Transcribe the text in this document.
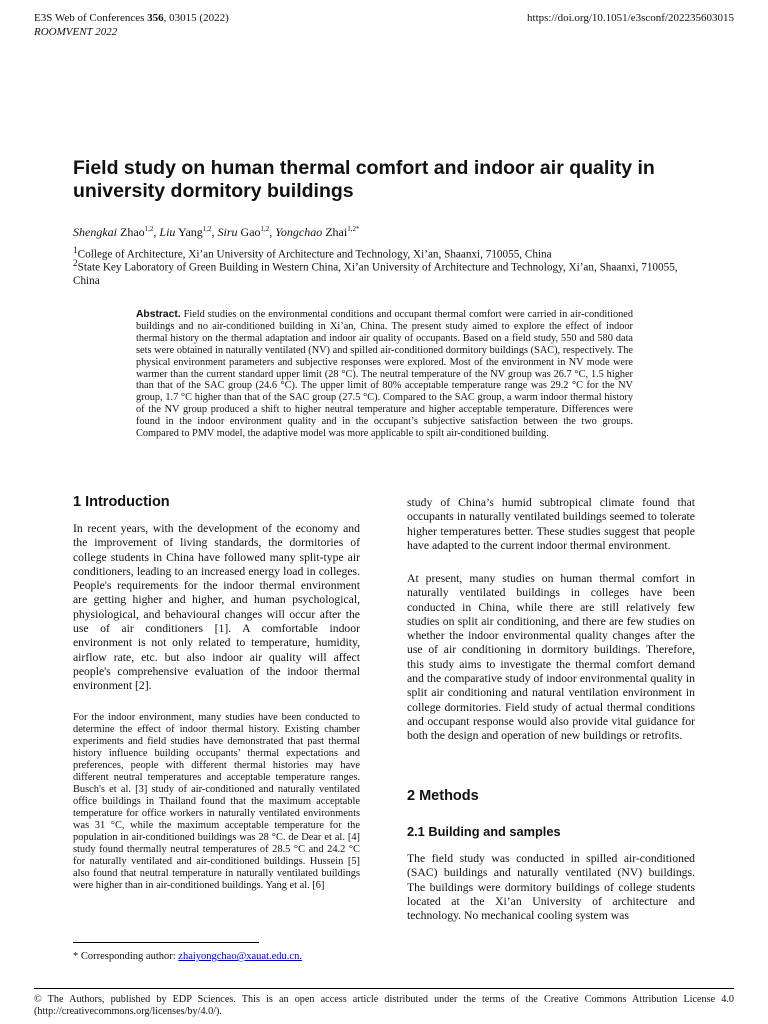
E3S Web of Conferences 356, 03015 (2022)
ROOMVENT 2022
https://doi.org/10.1051/e3sconf/202235603015
Field study on human thermal comfort and indoor air quality in university dormitory buildings
Shengkai Zhao$^{1,2}$, Liu Yang$^{1,2}$, Siru Gao$^{1,2}$, Yongchao Zhai$^{1,2*}$
$^1$College of Architecture, Xi’an University of Architecture and Technology, Xi’an, Shaanxi, 710055, China
$^2$State Key Laboratory of Green Building in Western China, Xi’an University of Architecture and Technology, Xi’an, Shaanxi, 710055, China
Abstract. Field studies on the environmental conditions and occupant thermal comfort were carried in air-conditioned buildings and no air-conditioned building in Xi’an, China. The present study aimed to explore the effect of indoor thermal history on the thermal adaptation and indoor air quality of occupants. Based on a field study, 550 and 580 data sets were obtained in naturally ventilated (NV) and spilled air-conditioned dormitory buildings (SAC), respectively. The physical environment parameters and subjective responses were explored. Most of the environment in NV mode were warmer than the current standard upper limit (28 °C). The neutral temperature of the NV group was 26.7 °C, 1.5 higher than that of the SAC group (24.6 °C). The upper limit of 80% acceptable temperature range was 29.2 °C for the NV group, 1.7 °C higher than that of the SAC group (27.5 °C). Compared to the SAC group, a warm indoor thermal history of the NV group produced a shift to higher neutral temperature and higher acceptable temperature. Differences were found in the indoor environment quality and in the occupant’s subjective satisfaction between the two groups. Compared to PMV model, the adaptive model was more applicable to spilt air-conditioned building.
1 Introduction
In recent years, with the development of the economy and the improvement of living standards, the dormitories of college students in China have followed many split-type air conditioners, leading to an increased energy load in colleges. People's requirements for the indoor thermal environment are getting higher and higher, and human psychological, physiological, and behavioural changes will occur after the use of air conditioners [1]. A comfortable indoor environment is not only related to temperature, humidity, airflow rate, etc. but also indoor air quality will affect people's comprehensive evaluation of the indoor thermal environment [2].
For the indoor environment, many studies have been conducted to determine the effect of indoor thermal history. Existing chamber experiments and field studies have demonstrated that past thermal history influence building occupants’ thermal expectations and preferences, people with different thermal histories may have different neutral temperatures and acceptable temperature ranges. Busch's et al. [3] study of air-conditioned and naturally ventilated office buildings in Thailand found that the maximum acceptable temperature for office workers in naturally ventilated environments was 31 °C, while the maximum acceptable temperature for the population in air-conditioned buildings was 28 °C. de Dear et al. [4] study found thermally neutral temperatures of 28.5 °C and 24.2 °C for naturally ventilated and air-conditioned buildings. Hussein [5] also found that neutral temperature in naturally ventilated buildings were higher than in air-conditioned buildings. Yang et al. [6]
study of China’s humid subtropical climate found that occupants in naturally ventilated buildings seemed to tolerate higher temperatures better. These studies suggest that people have adapted to the current indoor thermal environment.
At present, many studies on human thermal comfort in naturally ventilated buildings in colleges have been conducted in China, while there are still relatively few studies on split air conditioning, and there are few studies on whether the indoor environmental quality changes after the use of air conditioning in dormitory buildings. Therefore, this study aims to investigate the thermal comfort demand and the comparative study of indoor environmental quality in split air conditioning and natural ventilation environment in college dormitories. Field study of actual thermal conditions and occupant response would also provide vital guidance for both the design and operation of new buildings or retrofits.
2 Methods
2.1 Building and samples
The field study was conducted in spilled air-conditioned (SAC) buildings and naturally ventilated (NV) buildings. The buildings were dormitory buildings of college students located at the Xi’an University of architecture and technology. No mechanical cooling system was
* Corresponding author: zhaiyongchao@xauat.edu.cn.
© The Authors, published by EDP Sciences. This is an open access article distributed under the terms of the Creative Commons Attribution License 4.0 (http://creativecommons.org/licenses/by/4.0/).
